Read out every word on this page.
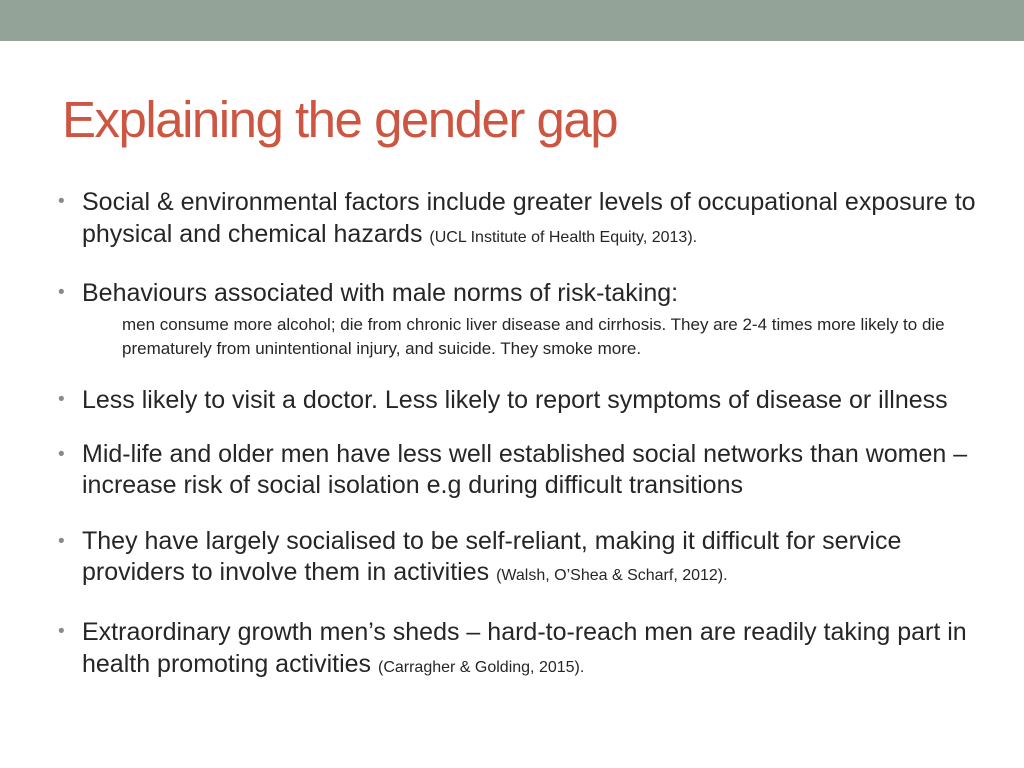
Explaining the gender gap
• Social & environmental factors include greater levels of occupational exposure to physical and chemical hazards (UCL Institute of Health Equity, 2013).
• Behaviours associated with male norms of risk-taking:
men consume more alcohol; die from chronic liver disease and cirrhosis. They are 2-4 times more likely to die prematurely from unintentional injury, and suicide. They smoke more.
• Less likely to visit a doctor. Less likely to report symptoms of disease or illness
• Mid-life and older men have less well established social networks than women – increase risk of social isolation e.g during difficult transitions
• They have largely socialised to be self-reliant, making it difficult for service providers to involve them in activities (Walsh, O’Shea & Scharf, 2012).
• Extraordinary growth men’s sheds – hard-to-reach men are readily taking part in health promoting activities (Carragher & Golding, 2015).
